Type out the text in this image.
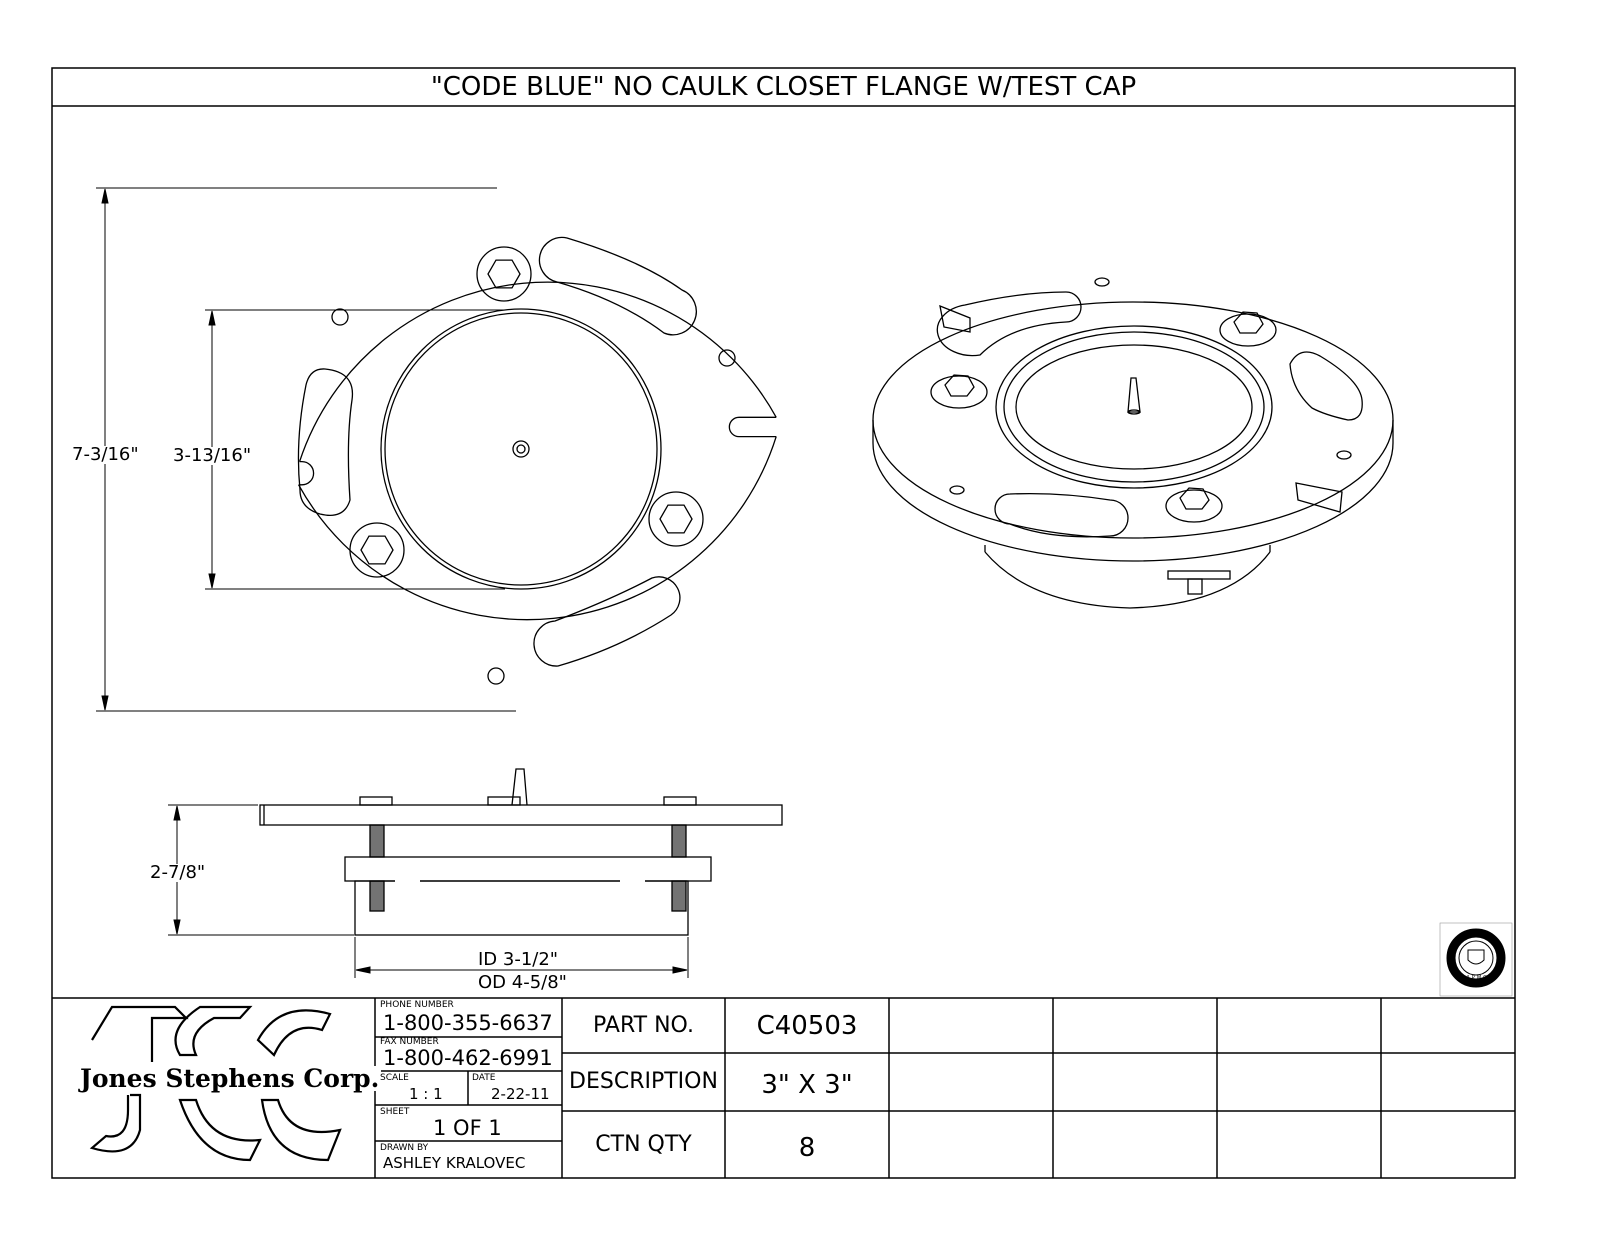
"CODE BLUE" NO CAULK CLOSET FLANGE W/TEST CAP
7-3/16" 3-13/16"
2-7/8"
ID 3-1/2"
OD 4-5/8"
Jones Stephens Corp.
PHONE NUMBER
1-800-355-6637
FAX NUMBER
1-800-462-6991
SCALE
1 : 1
DATE
2-22-11
SHEET
1 OF 1
DRAWN BY
ASHLEY KRALOVEC
PART NO.	C40503
DESCRIPTION	3" X 3"
CTN QTY	8
IAPMO
